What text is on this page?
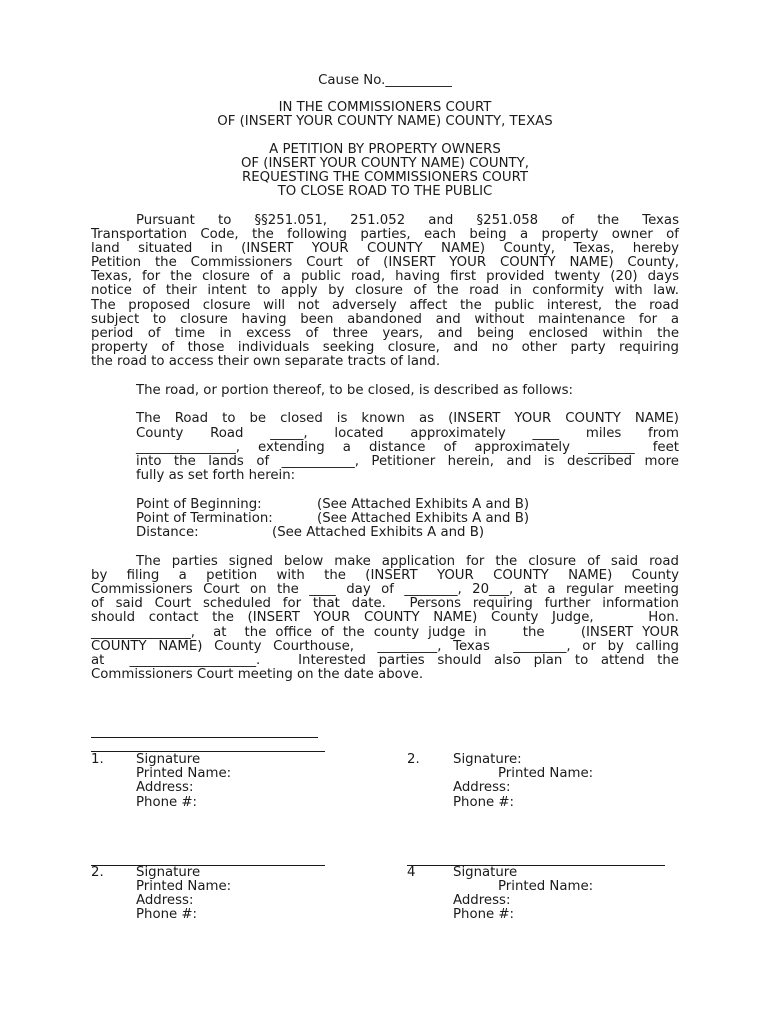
Cause No.__________
IN THE COMMISSIONERS COURT
OF (INSERT YOUR COUNTY NAME) COUNTY, TEXAS
A PETITION BY PROPERTY OWNERS
OF (INSERT YOUR COUNTY NAME) COUNTY,
REQUESTING THE COMMISSIONERS COURT
TO CLOSE ROAD TO THE PUBLIC
Pursuant  to  §§251.051,  251.052  and  §251.058  of  the  Texas
Transportation Code, the following parties, each being a property owner of
land situated in (INSERT YOUR COUNTY NAME) County, Texas, hereby
Petition the Commissioners Court of (INSERT YOUR COUNTY NAME) County,
Texas, for the closure of a public road, having first provided twenty (20) days
notice of their intent to apply by closure of the road in conformity with law.
The proposed closure will not adversely affect the public interest, the road
subject to closure having been abandoned and without maintenance for a
period of time in excess of three years, and being enclosed within the
property of those individuals seeking closure, and no other party requiring
the road to access their own separate tracts of land.
The road, or portion thereof, to be closed, is described as follows:
The Road to be closed is known as (INSERT YOUR COUNTY NAME)
County  Road  _____,  located  approximately  ____  miles  from
_______________, extending a distance of approximately _______ feet
into the lands of ___________, Petitioner herein, and is described more
fully as set forth herein:
Point of Beginning:	(See Attached Exhibits A and B)
Point of Termination:	(See Attached Exhibits A and B)
Distance:	(See Attached Exhibits A and B)
The parties signed below make application for the closure of said road
by  filing  a  petition  with  the  (INSERT  YOUR  COUNTY  NAME)  County
Commissioners Court on the ____ day of ________, 20___, at a regular meeting
of said Court scheduled for that date.  Persons requiring further information
should contact the (INSERT YOUR COUNTY NAME) County Judge,    Hon.
_______________,  at  the office of the county judge in    the    (INSERT YOUR
COUNTY NAME) County Courthouse,  _________, Texas  ________, or by calling
at  ___________________.   Interested parties should also plan to attend the
Commissioners Court meeting on the date above.
1. Signature
Printed Name:
Address:
Phone #:
2.	Signature:
Printed Name:
Address:
Phone #:
2. Signature
Printed Name:
Address:
Phone #:
4	Signature
Printed Name:
Address:
Phone #:
